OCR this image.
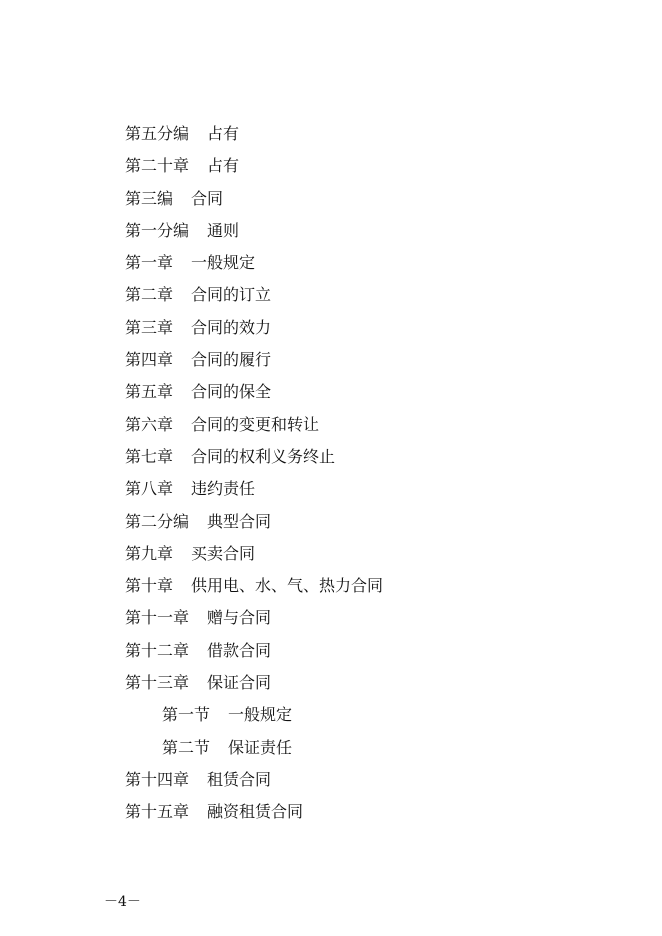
第五分编 占有
第二十章 占有
第三编 合同
第一分编 通则
第一章 一般规定
第二章 合同的订立
第三章 合同的效力
第四章 合同的履行
第五章 合同的保全
第六章 合同的变更和转让
第七章 合同的权利义务终止
第八章 违约责任
第二分编 典型合同
第九章 买卖合同
第十章 供用电、水、气、热力合同
第十一章 赠与合同
第十二章 借款合同
第十三章 保证合同
第一节 一般规定
第二节 保证责任
第十四章 租赁合同
第十五章 融资租赁合同
－4－
